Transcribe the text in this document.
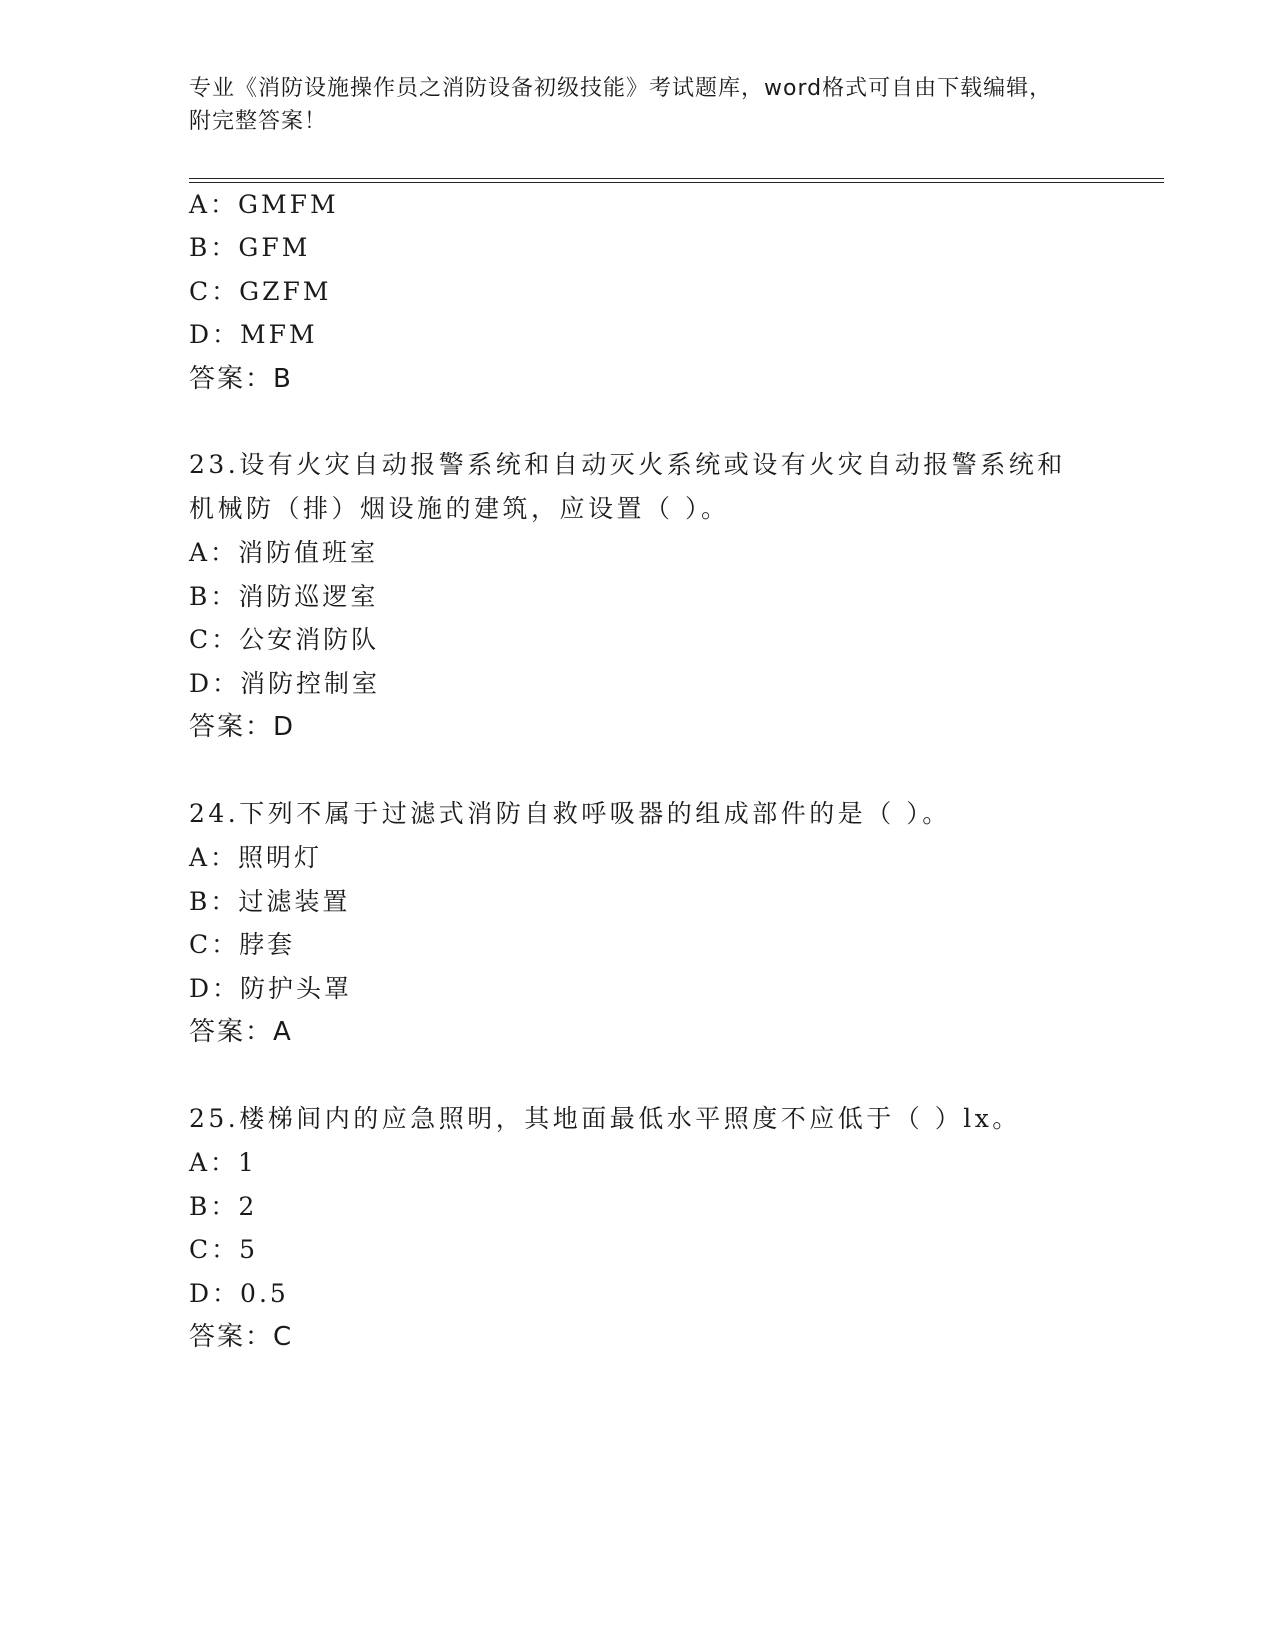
专业《消防设施操作员之消防设备初级技能》考试题库，word格式可自由下载编辑，附完整答案！

A：GMFM

B：GFM

C：GZFM

D：MFM

答案：B

23.设有火灾自动报警系统和自动灭火系统或设有火灾自动报警系统和

机械防（排）烟设施的建筑，应设置（ ）。

A：消防值班室

B：消防巡逻室

C：公安消防队

D：消防控制室

答案：D

24.下列不属于过滤式消防自救呼吸器的组成部件的是（ ）。

A：照明灯

B：过滤装置

C：脖套

D：防护头罩

答案：A

25.楼梯间内的应急照明，其地面最低水平照度不应低于（ ）lx。

A：1

B：2

C：5

D：0.5

答案：C
